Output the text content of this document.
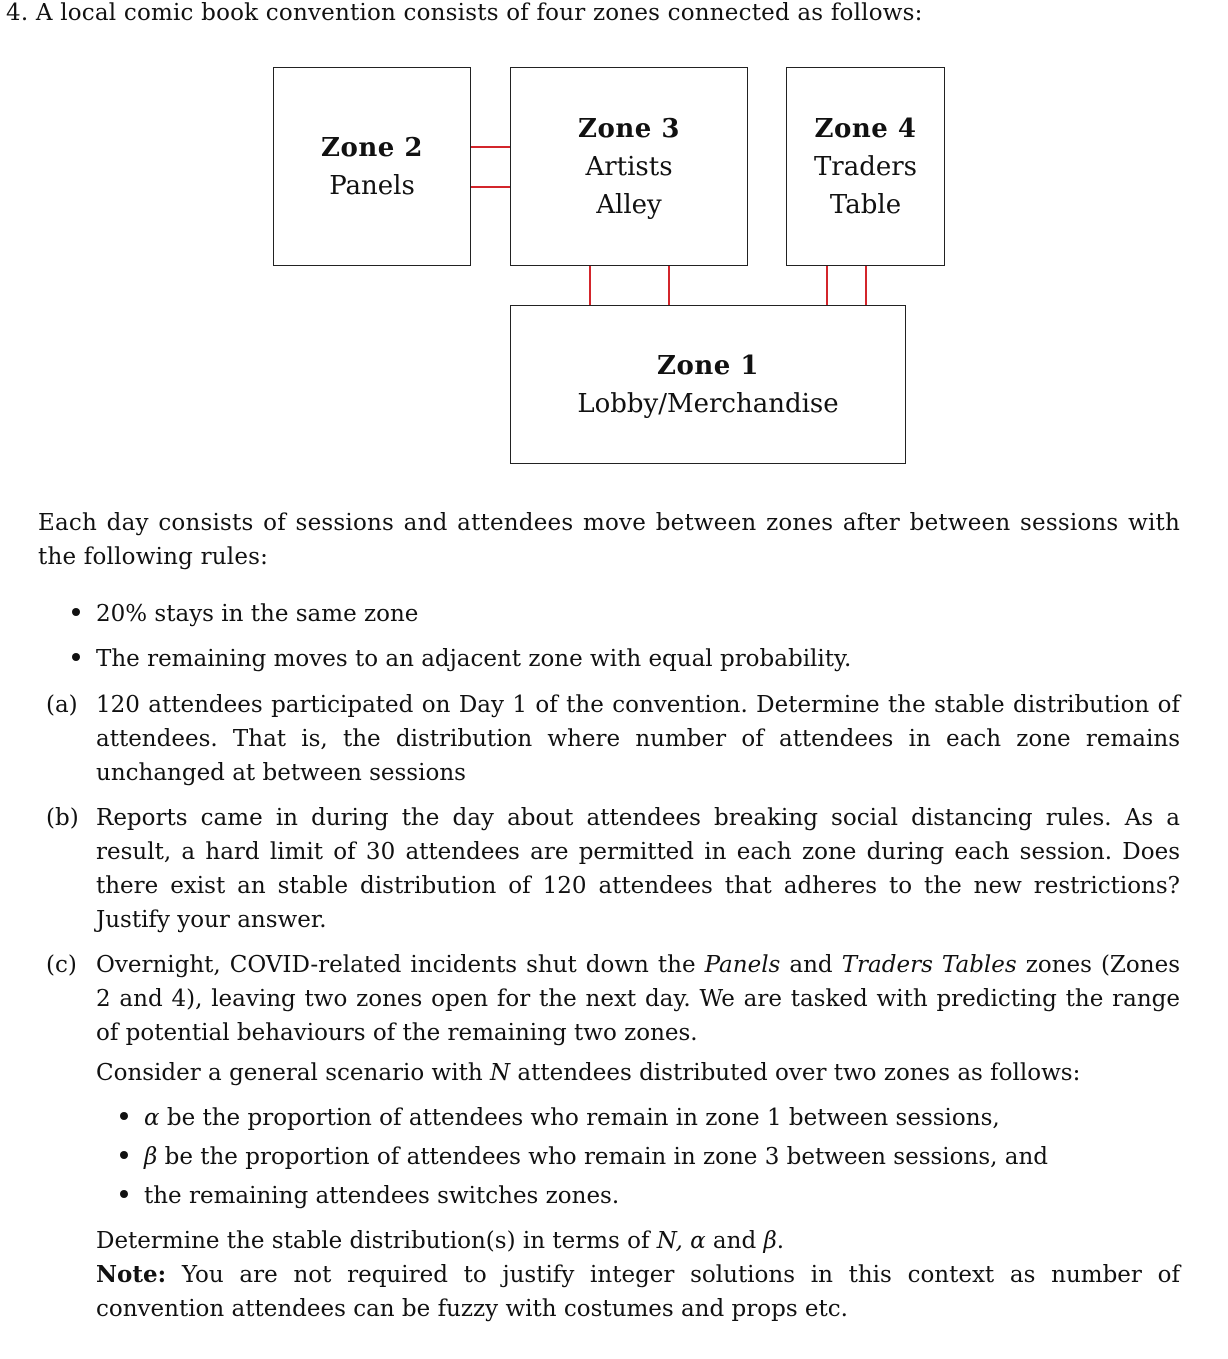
4. A local comic book convention consists of four zones connected as follows:
Zone 2
Panels
Zone 3
Artists
Alley
Zone 4
Traders
Table
Zone 1
Lobby/Merchandise
Each day consists of sessions and attendees move between zones after between sessions with the following rules:
20% stays in the same zone
The remaining moves to an adjacent zone with equal probability.
(a) 120 attendees participated on Day 1 of the convention. Determine the stable distribution of attendees. That is, the distribution where number of attendees in each zone remains unchanged at between sessions
(b) Reports came in during the day about attendees breaking social distancing rules. As a result, a hard limit of 30 attendees are permitted in each zone during each session. Does there exist an stable distribution of 120 attendees that adheres to the new restrictions? Justify your answer.
(c) Overnight, COVID-related incidents shut down the Panels and Traders Tables zones (Zones 2 and 4), leaving two zones open for the next day. We are tasked with predicting the range of potential behaviours of the remaining two zones.
Consider a general scenario with N attendees distributed over two zones as follows:
α be the proportion of attendees who remain in zone 1 between sessions,
β be the proportion of attendees who remain in zone 3 between sessions, and
the remaining attendees switches zones.
Determine the stable distribution(s) in terms of N, α and β.
Note: You are not required to justify integer solutions in this context as number of convention attendees can be fuzzy with costumes and props etc.
